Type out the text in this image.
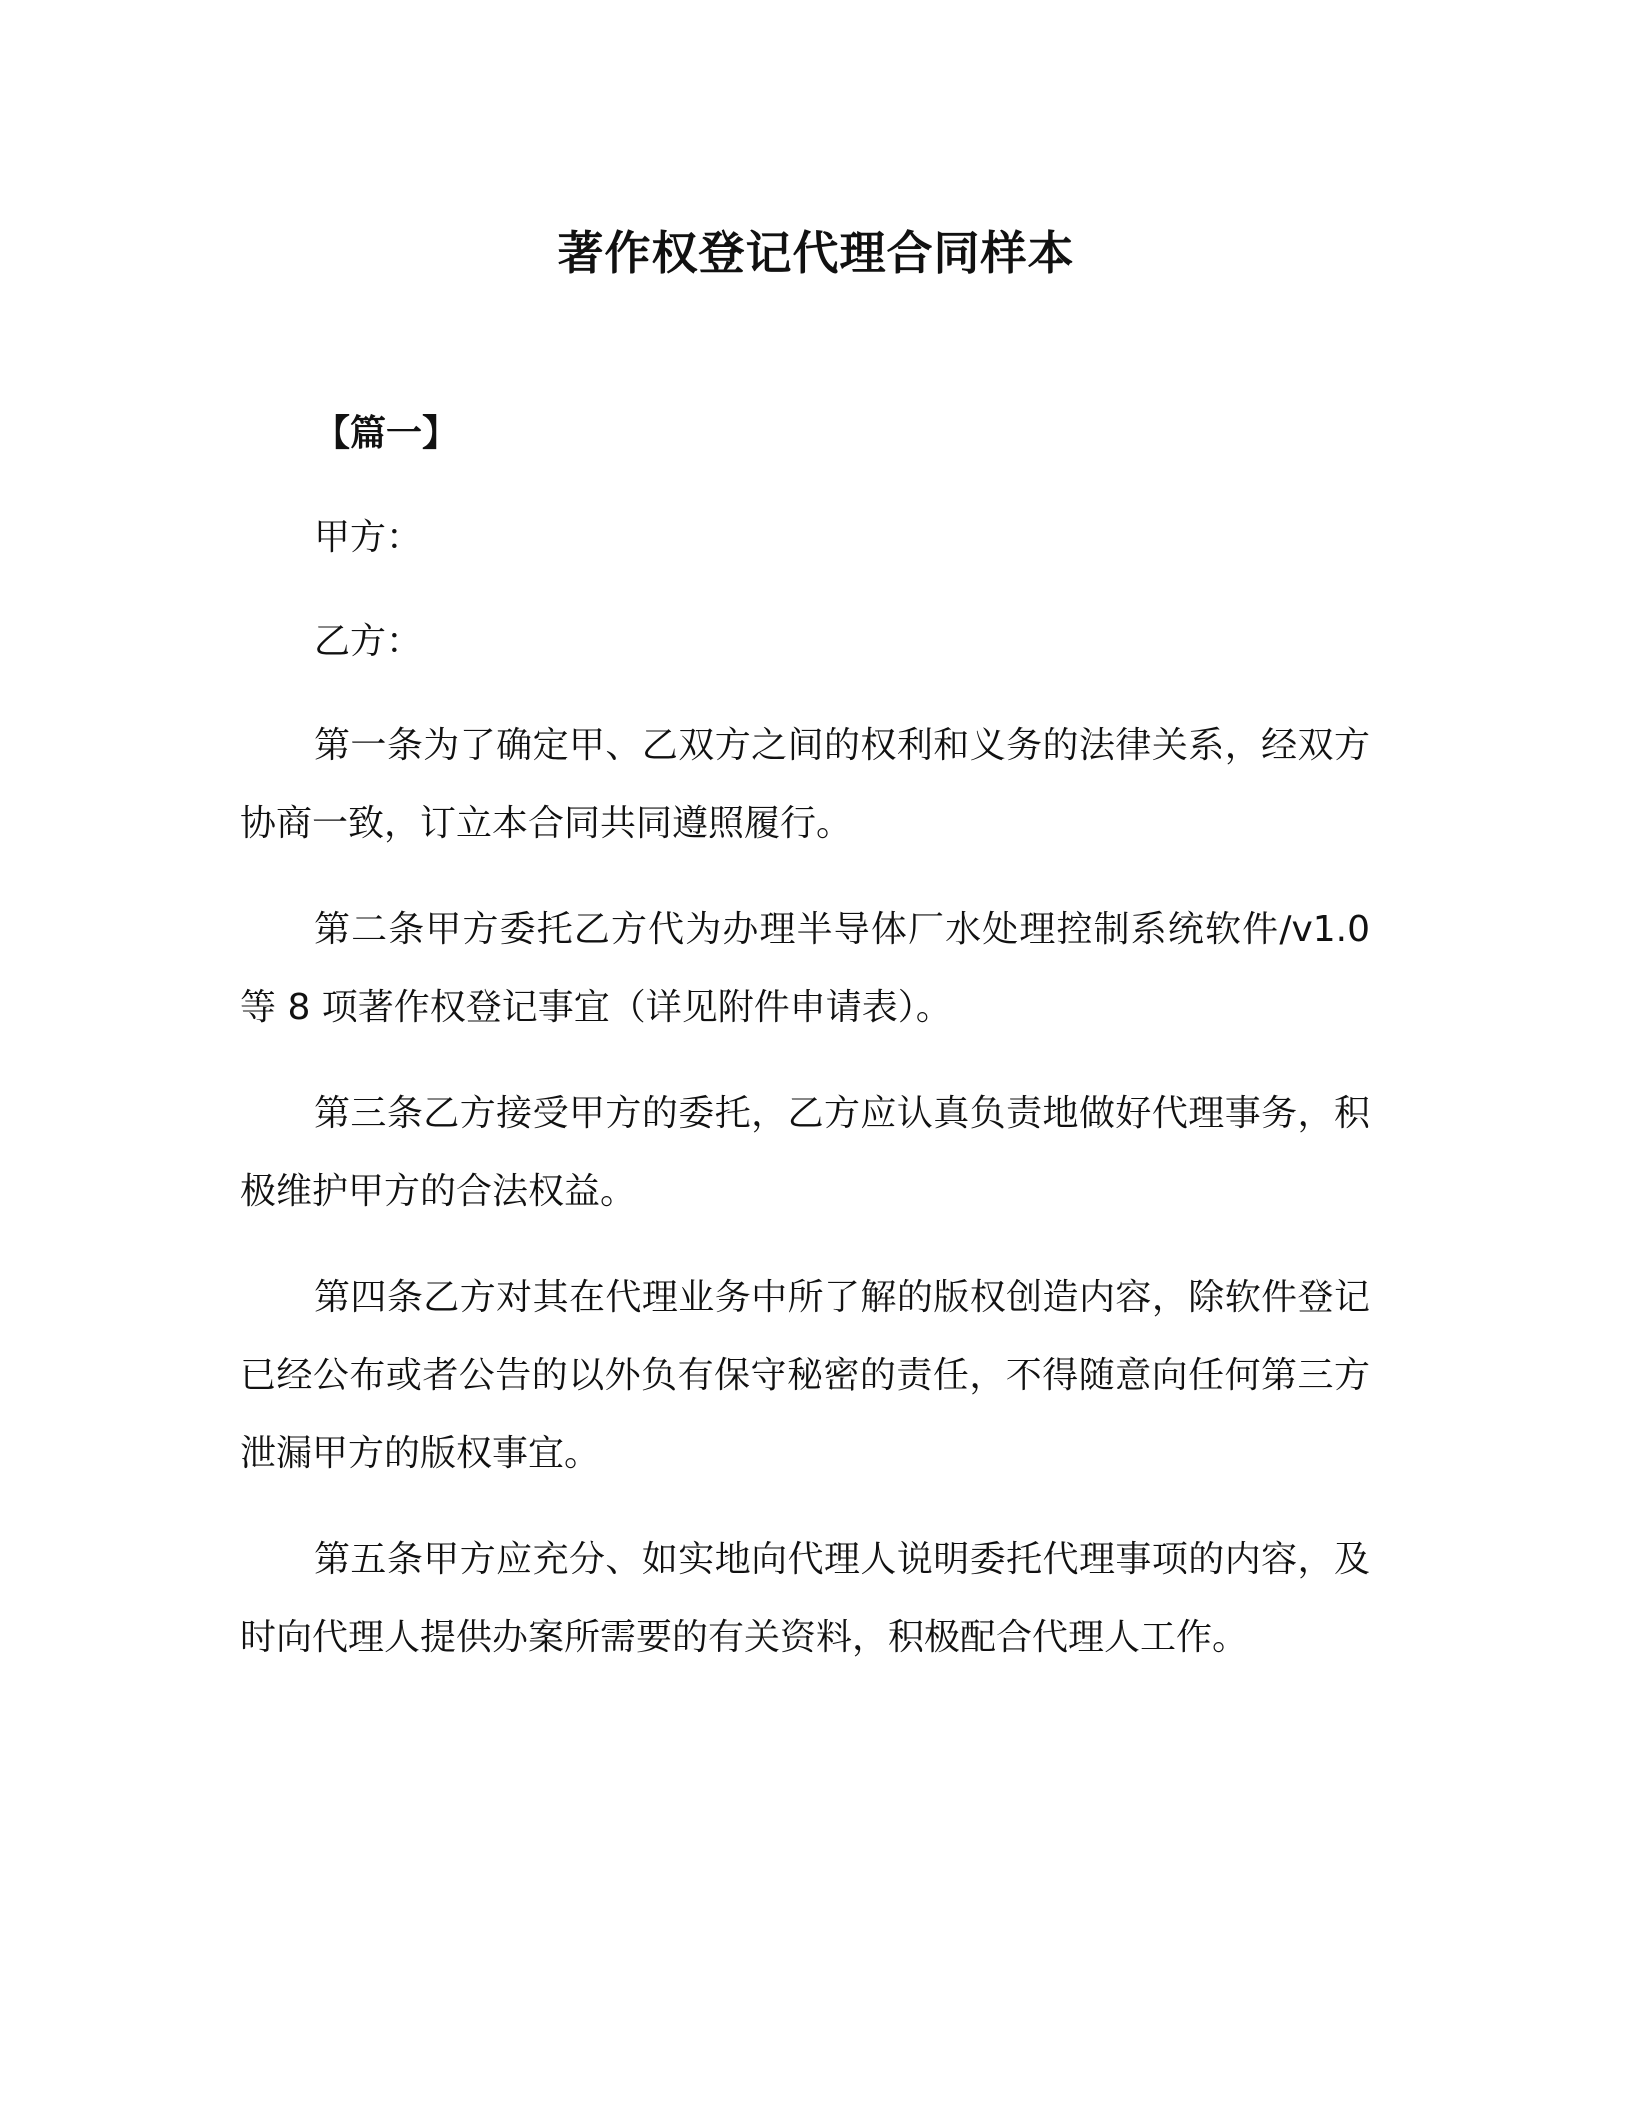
著作权登记代理合同样本
【篇一】
甲方：
乙方：

第一条为了确定甲、乙双方之间的权利和义务的法律关系，经双方协商一致，订立本合同共同遵照履行。

第二条甲方委托乙方代为办理半导体厂水处理控制系统软件/v1.0等 8 项著作权登记事宜（详见附件申请表）。

第三条乙方接受甲方的委托，乙方应认真负责地做好代理事务，积极维护甲方的合法权益。

第四条乙方对其在代理业务中所了解的版权创造内容，除软件登记已经公布或者公告的以外负有保守秘密的责任，不得随意向任何第三方泄漏甲方的版权事宜。

第五条甲方应充分、如实地向代理人说明委托代理事项的内容，及时向代理人提供办案所需要的有关资料，积极配合代理人工作。
